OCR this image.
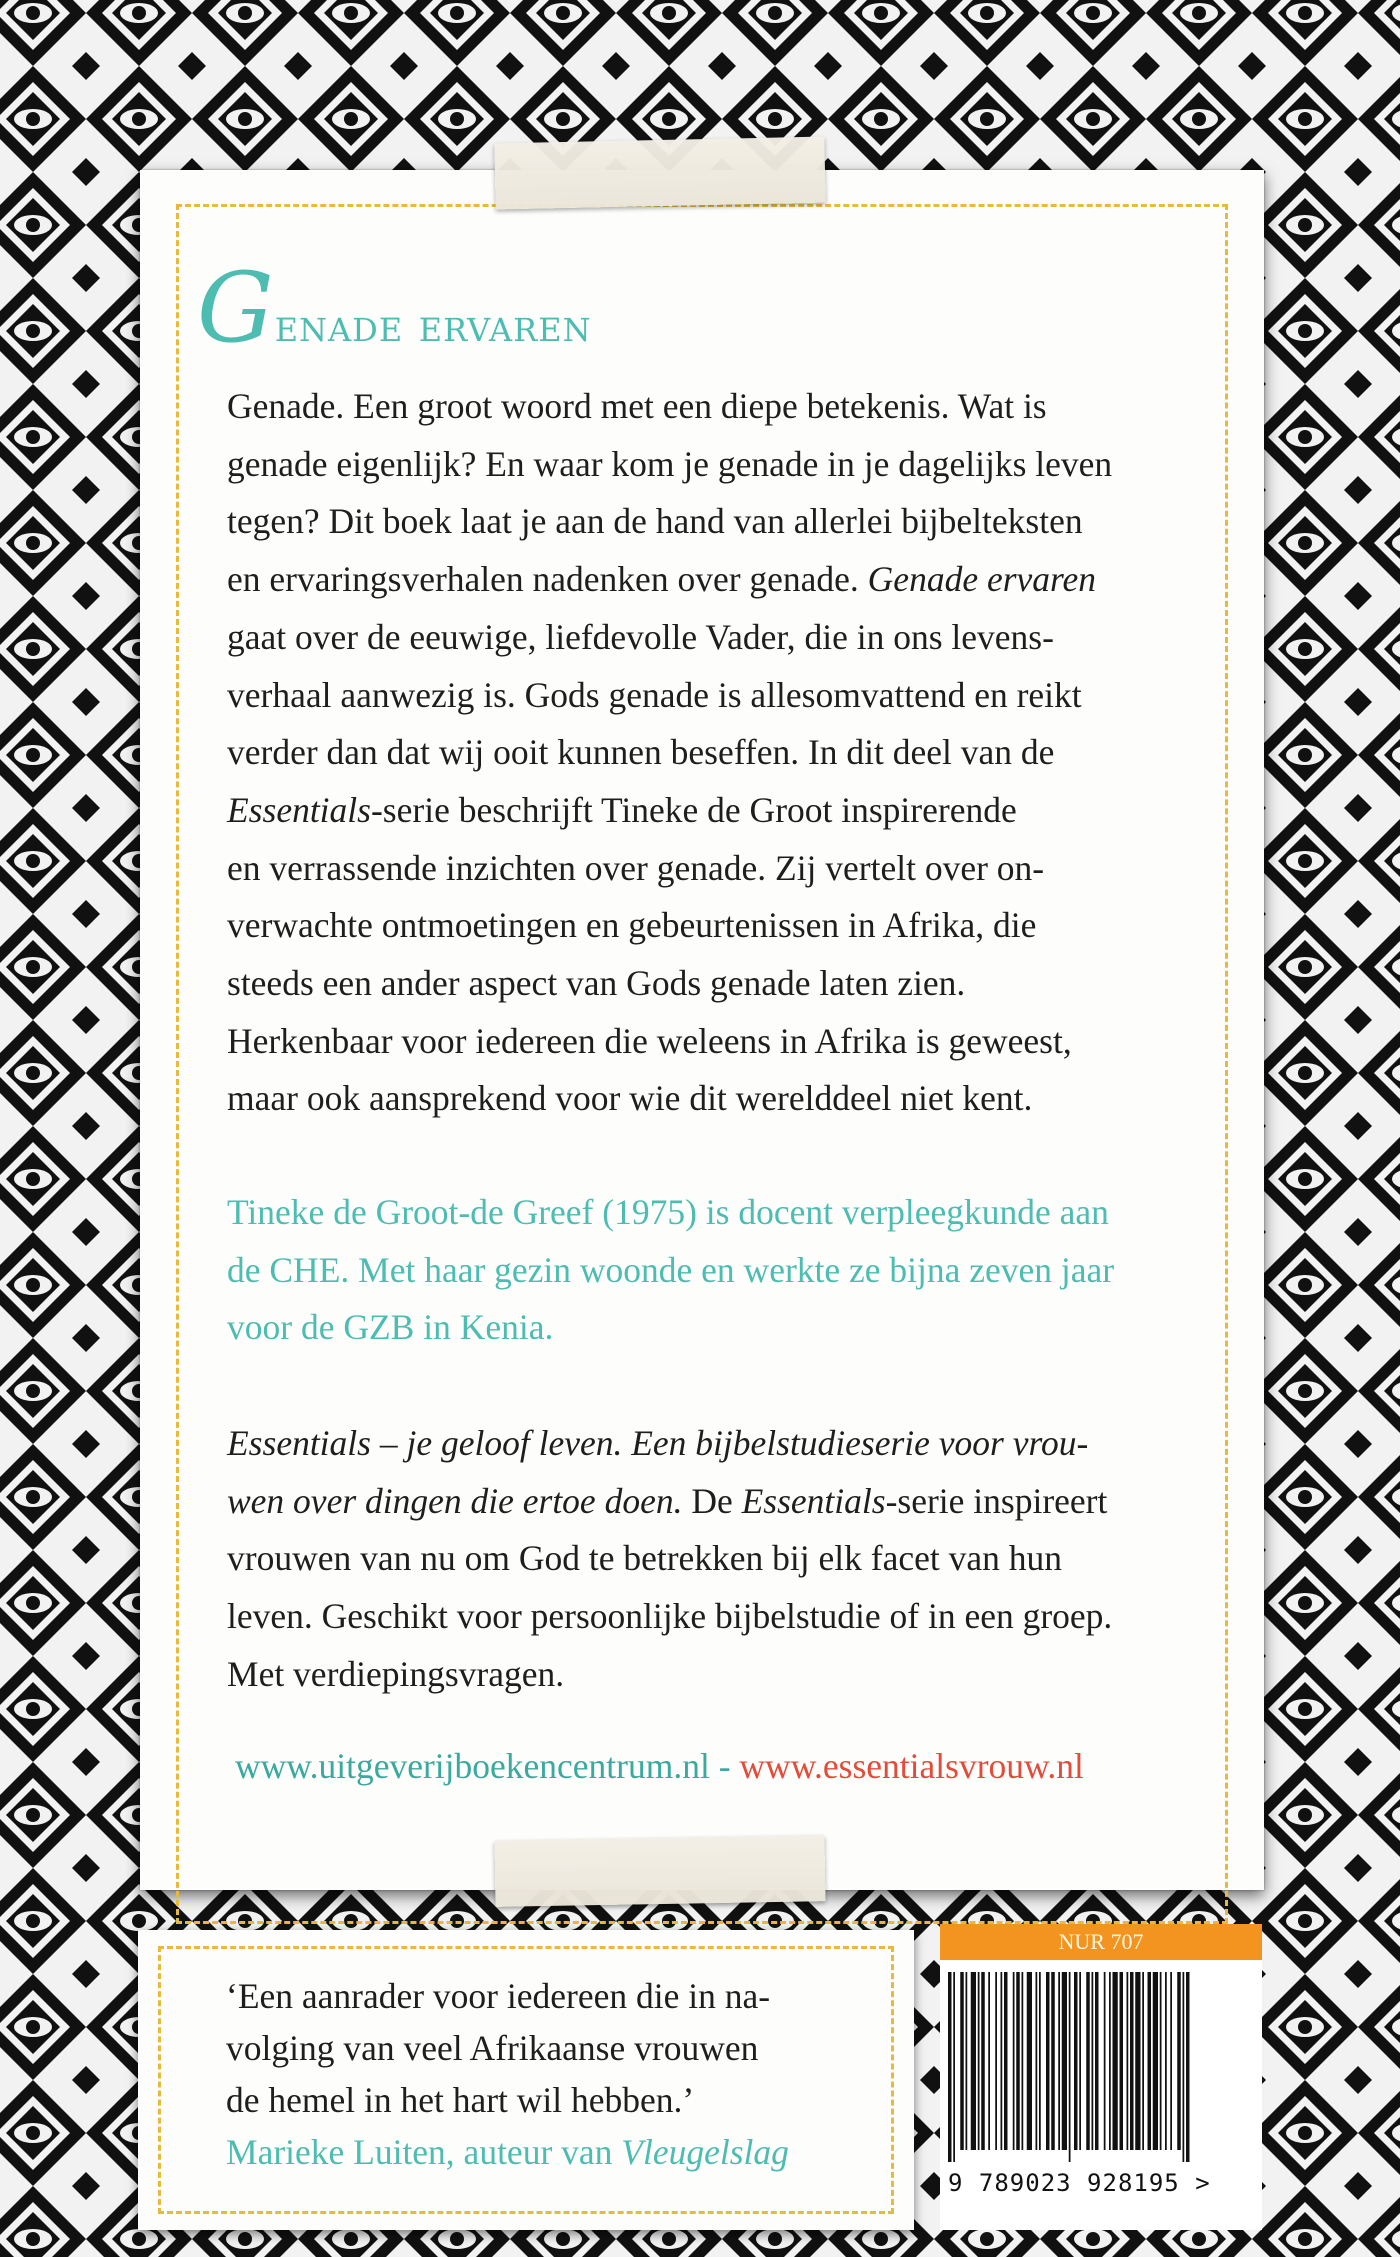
Genade ervaren
Genade. Een groot woord met een diepe betekenis. Wat is
genade eigenlijk? En waar kom je genade in je dagelijks leven
tegen? Dit boek laat je aan de hand van allerlei bijbelteksten
en ervaringsverhalen nadenken over genade. Genade ervaren
gaat over de eeuwige, liefdevolle Vader, die in ons levens-
verhaal aanwezig is. Gods genade is allesomvattend en reikt
verder dan dat wij ooit kunnen beseffen. In dit deel van de
Essentials-serie beschrijft Tineke de Groot inspirerende
en verrassende inzichten over genade. Zij vertelt over on-
verwachte ontmoetingen en gebeurtenissen in Afrika, die
steeds een ander aspect van Gods genade laten zien.
Herkenbaar voor iedereen die weleens in Afrika is geweest,
maar ook aansprekend voor wie dit werelddeel niet kent.
Tineke de Groot-de Greef (1975) is docent verpleegkunde aan
de CHE. Met haar gezin woonde en werkte ze bijna zeven jaar
voor de GZB in Kenia.
Essentials – je geloof leven. Een bijbelstudieserie voor vrou-
wen over dingen die ertoe doen. De Essentials-serie inspireert
vrouwen van nu om God te betrekken bij elk facet van hun
leven. Geschikt voor persoonlijke bijbelstudie of in een groep.
Met verdiepingsvragen.
www.uitgeverijboekencentrum.nl - www.essentialsvrouw.nl
‘Een aanrader voor iedereen die in na-
volging van veel Afrikaanse vrouwen
de hemel in het hart wil hebben.’
Marieke Luiten, auteur van Vleugelslag
NUR 707
9 789023 928195 >
